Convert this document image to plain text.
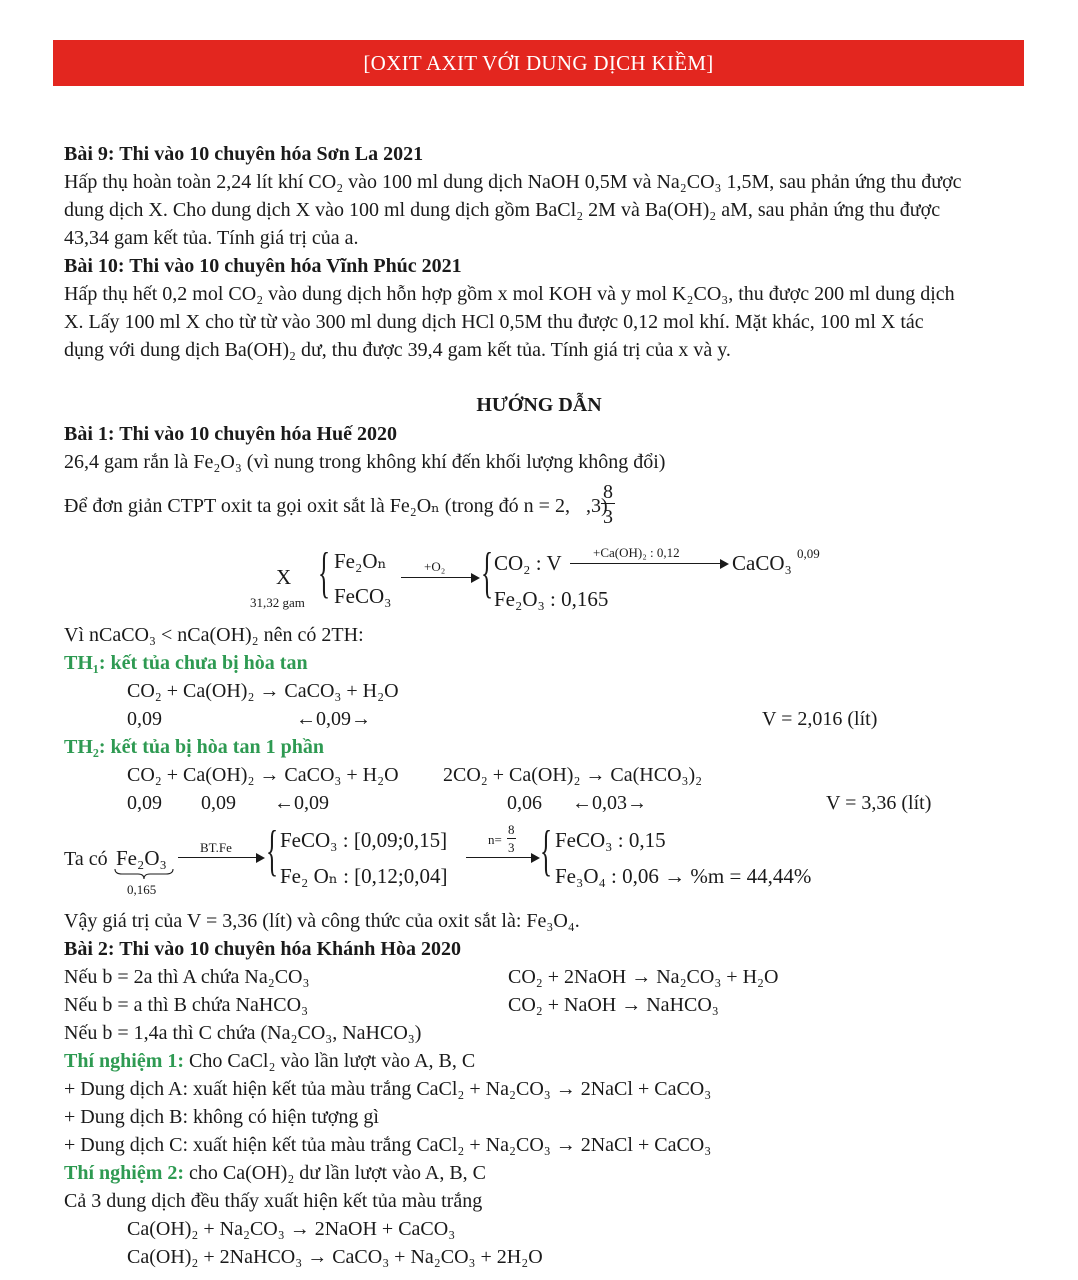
[OXIT AXIT VỚI DUNG DỊCH KIỀM]
Bài 9: Thi vào 10 chuyên hóa Sơn La 2021
Hấp thụ hoàn toàn 2,24 lít khí CO₂ vào 100 ml dung dịch NaOH 0,5M và Na₂CO₃ 1,5M, sau phản ứng thu được
dung dịch X. Cho dung dịch X vào 100 ml dung dịch gồm BaCl₂ 2M và Ba(OH)₂ aM, sau phản ứng thu được
43,34 gam kết tủa. Tính giá trị của a.
Bài 10: Thi vào 10 chuyên hóa Vĩnh Phúc 2021
Hấp thụ hết 0,2 mol CO₂ vào dung dịch hỗn hợp gồm x mol KOH và y mol K₂CO₃, thu được 200 ml dung dịch
X. Lấy 100 ml X cho từ từ vào 300 ml dung dịch HCl 0,5M thu được 0,12 mol khí. Mặt khác, 100 ml X tác
dụng với dung dịch Ba(OH)₂ dư, thu được 39,4 gam kết tủa. Tính giá trị của x và y.
HƯỚNG DẪN
Bài 1: Thi vào 10 chuyên hóa Huế 2020
26,4 gam rắn là Fe₂O₃ (vì nung trong không khí đến khối lượng không đổi)
Để đơn giản CTPT oxit ta gọi oxit sắt là Fe₂Oₙ (trong đó n = 2, ,3)
8
3
X
31,32 gam { Fe₂Oₙ
FeCO₃
+O₂ { CO₂ : V +Ca(OH)₂ : 0,12 CaCO₃ 0,09
Fe₂O₃ : 0,165
Vì nCaCO₃ < nCa(OH)₂ nên có 2TH:
TH₁: kết tủa chưa bị hòa tan
CO₂ + Ca(OH)₂ → CaCO₃ + H₂O
0,09	←0,09→	V = 2,016 (lít)
TH₂: kết tủa bị hòa tan 1 phần
CO₂ + Ca(OH)₂ → CaCO₃ + H₂O 2CO₂ + Ca(OH)₂ → Ca(HCO₃)₂
0,09 0,09 ←0,09	0,06 ←0,03→	V = 3,36 (lít)
Ta có Fe₂O₃
0,165
BT.Fe { FeCO₃ : [0,09;0,15]
Fe₂ Oₙ : [0,12;0,04]
n=
8
3 { FeCO₃ : 0,15
Fe₃O₄ : 0,06 → %m = 44,44%
Vậy giá trị của V = 3,36 (lít) và công thức của oxit sắt là: Fe₃O₄.
Bài 2: Thi vào 10 chuyên hóa Khánh Hòa 2020
Nếu b = 2a thì A chứa Na₂CO₃	CO₂ + 2NaOH → Na₂CO₃ + H₂O
Nếu b = a thì B chứa NaHCO₃	CO₂ + NaOH → NaHCO₃
Nếu b = 1,4a thì C chứa (Na₂CO₃, NaHCO₃)
Thí nghiệm 1: Cho CaCl₂ vào lần lượt vào A, B, C
+ Dung dịch A: xuất hiện kết tủa màu trắng CaCl₂ + Na₂CO₃ → 2NaCl + CaCO₃
+ Dung dịch B: không có hiện tượng gì
+ Dung dịch C: xuất hiện kết tủa màu trắng CaCl₂ + Na₂CO₃ → 2NaCl + CaCO₃
Thí nghiệm 2: cho Ca(OH)₂ dư lần lượt vào A, B, C
Cả 3 dung dịch đều thấy xuất hiện kết tủa màu trắng
Ca(OH)₂ + Na₂CO₃ → 2NaOH + CaCO₃
Ca(OH)₂ + 2NaHCO₃ → CaCO₃ + Na₂CO₃ + 2H₂O
